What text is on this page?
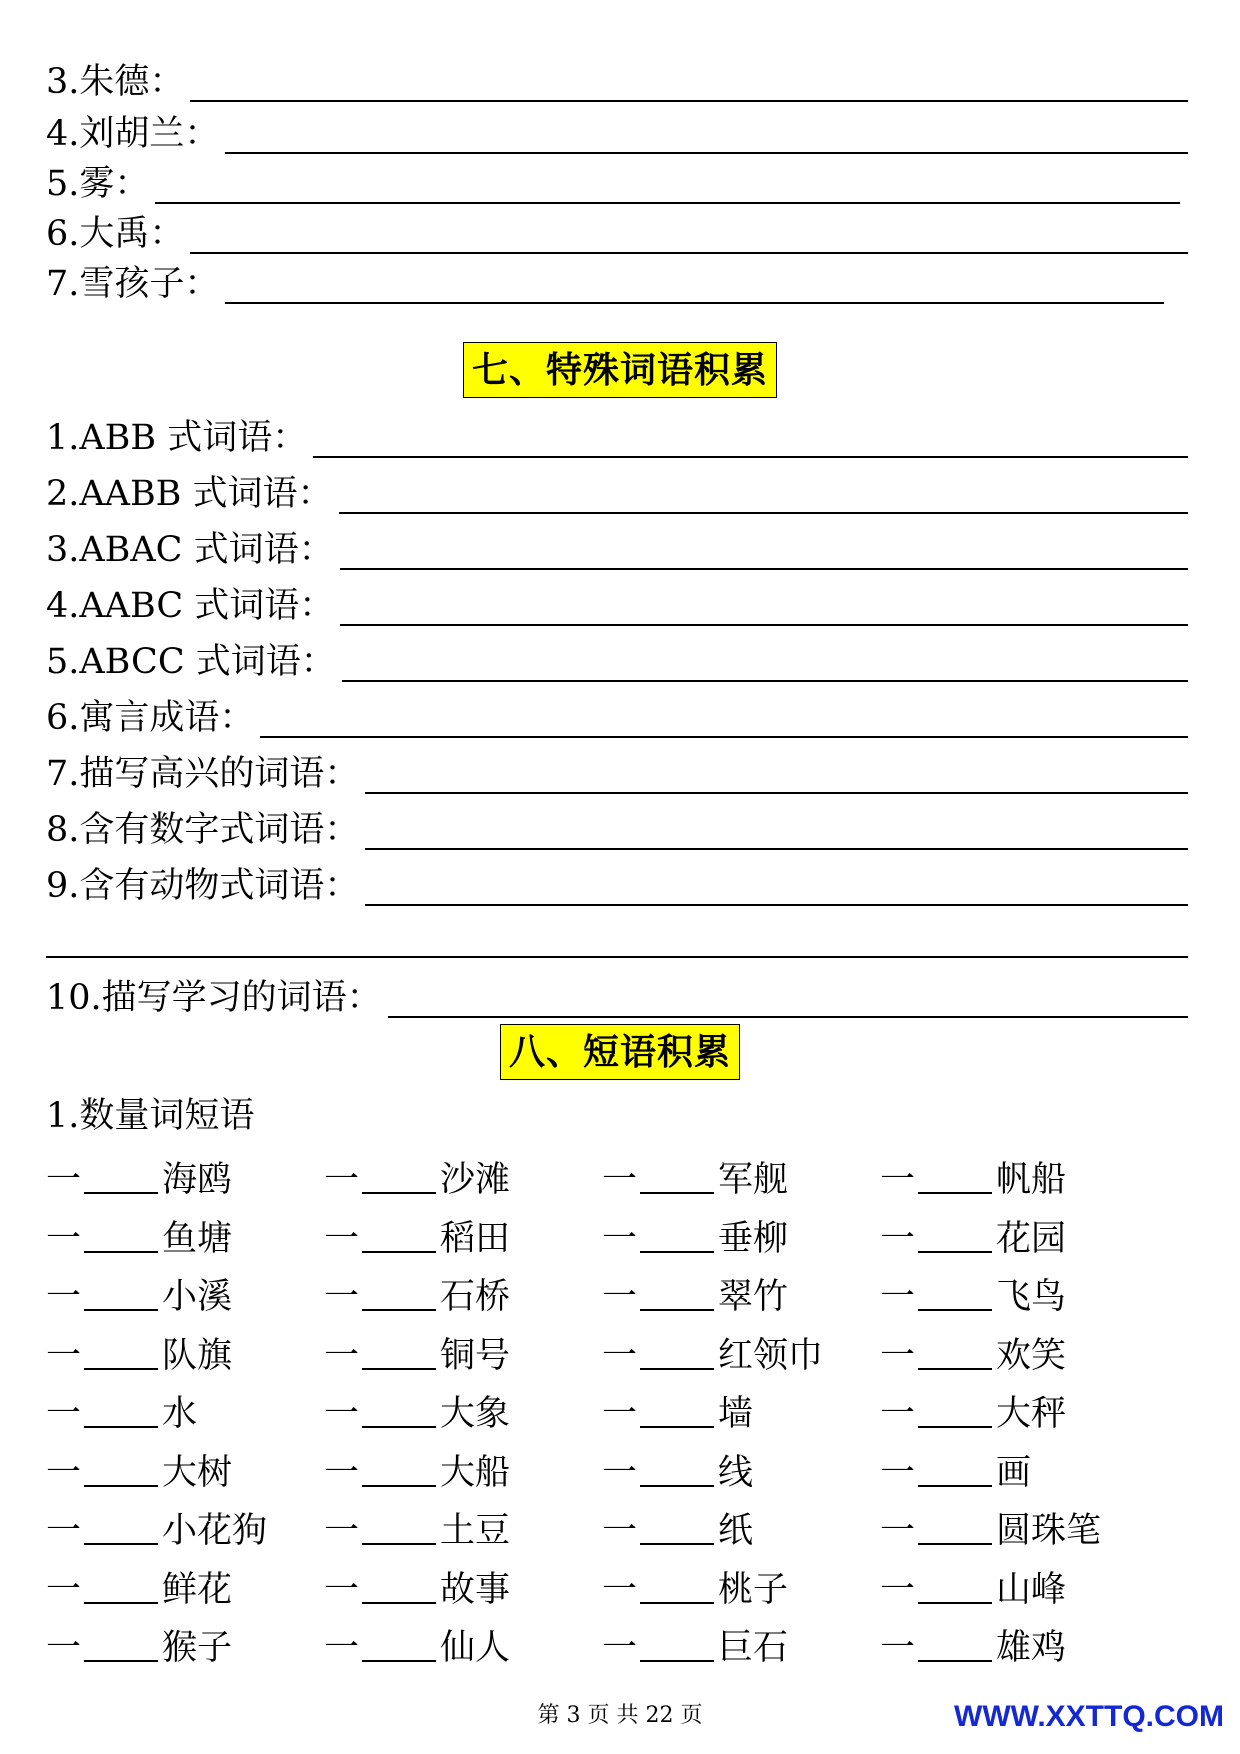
3.朱德：
4.刘胡兰：
5.雾：
6.大禹：
7.雪孩子：
七、特殊词语积累
1.ABB 式词语：
2.AABB 式词语：
3.ABAC 式词语：
4.AABC 式词语：
5.ABCC 式词语：
6.寓言成语：
7.描写高兴的词语：
8.含有数字式词语：
9.含有动物式词语：
10.描写学习的词语：
八、短语积累
1.数量词短语
一 海鸥	一 沙滩	一 军舰	一 帆船
一 鱼塘	一 稻田	一 垂柳	一 花园
一 小溪	一 石桥	一 翠竹	一 飞鸟
一 队旗	一 铜号	一 红领巾 一 欢笑
一 水	一 大象	一 墙	一 大秤
一 大树	一 大船	一 线	一 画
一 小花狗 一 土豆	一 纸	一 圆珠笔
一 鲜花	一 故事	一 桃子	一 山峰
一 猴子	一 仙人	一 巨石	一 雄鸡
第 3 页 共 22 页	WWW.XXTTQ.COM
